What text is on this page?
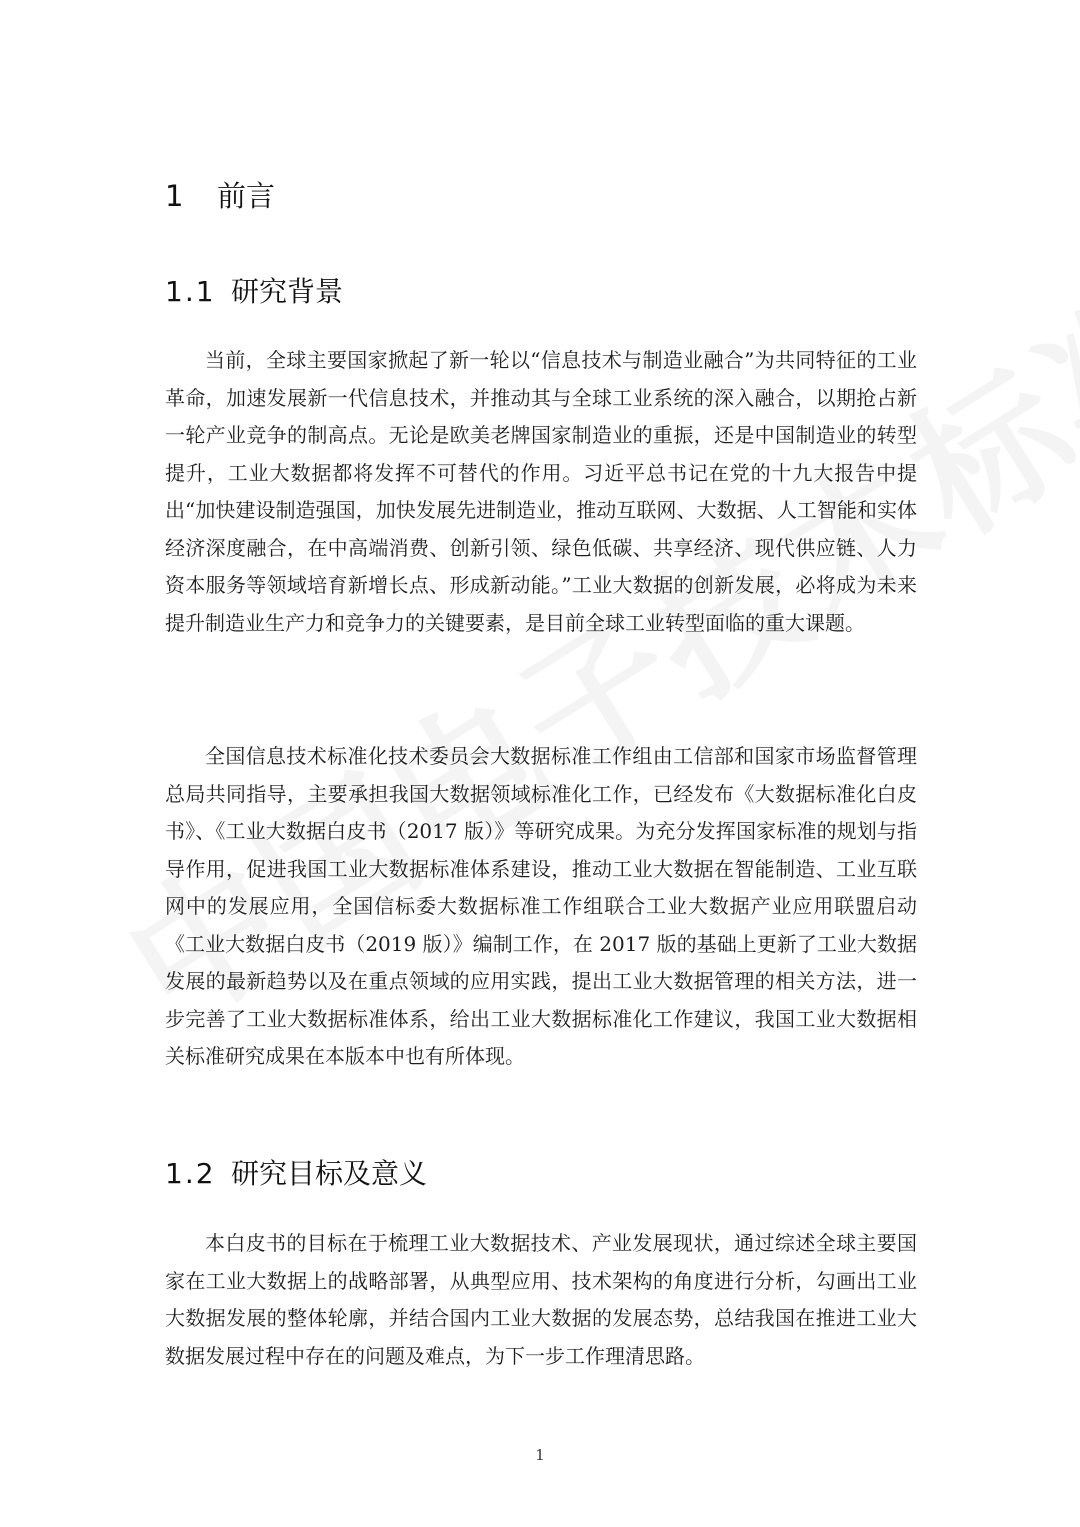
1 前言
1.1 研究背景

当前，全球主要国家掀起了新一轮以“信息技术与制造业融合”为共同特征的工业革命，加速发展新一代信息技术，并推动其与全球工业系统的深入融合，以期抢占新一轮产业竞争的制高点。无论是欧美老牌国家制造业的重振，还是中国制造业的转型提升，工业大数据都将发挥不可替代的作用。习近平总书记在党的十九大报告中提出“加快建设制造强国，加快发展先进制造业，推动互联网、大数据、人工智能和实体经济深度融合，在中高端消费、创新引领、绿色低碳、共享经济、现代供应链、人力资本服务等领域培育新增长点、形成新动能。”工业大数据的创新发展，必将成为未来提升制造业生产力和竞争力的关键要素，是目前全球工业转型面临的重大课题。

全国信息技术标准化技术委员会大数据标准工作组由工信部和国家市场监督管理总局共同指导，主要承担我国大数据领域标准化工作，已经发布《大数据标准化白皮书》、《工业大数据白皮书（2017 版）》等研究成果。为充分发挥国家标准的规划与指导作用，促进我国工业大数据标准体系建设，推动工业大数据在智能制造、工业互联网中的发展应用，全国信标委大数据标准工作组联合工业大数据产业应用联盟启动《工业大数据白皮书（2019 版）》编制工作，在 2017 版的基础上更新了工业大数据发展的最新趋势以及在重点领域的应用实践，提出工业大数据管理的相关方法，进一步完善了工业大数据标准体系，给出工业大数据标准化工作建议，我国工业大数据相关标准研究成果在本版本中也有所体现。

1.2 研究目标及意义

本白皮书的目标在于梳理工业大数据技术、产业发展现状，通过综述全球主要国家在工业大数据上的战略部署，从典型应用、技术架构的角度进行分析，勾画出工业大数据发展的整体轮廓，并结合国内工业大数据的发展态势，总结我国在推进工业大数据发展过程中存在的问题及难点，为下一步工作理清思路。

1
